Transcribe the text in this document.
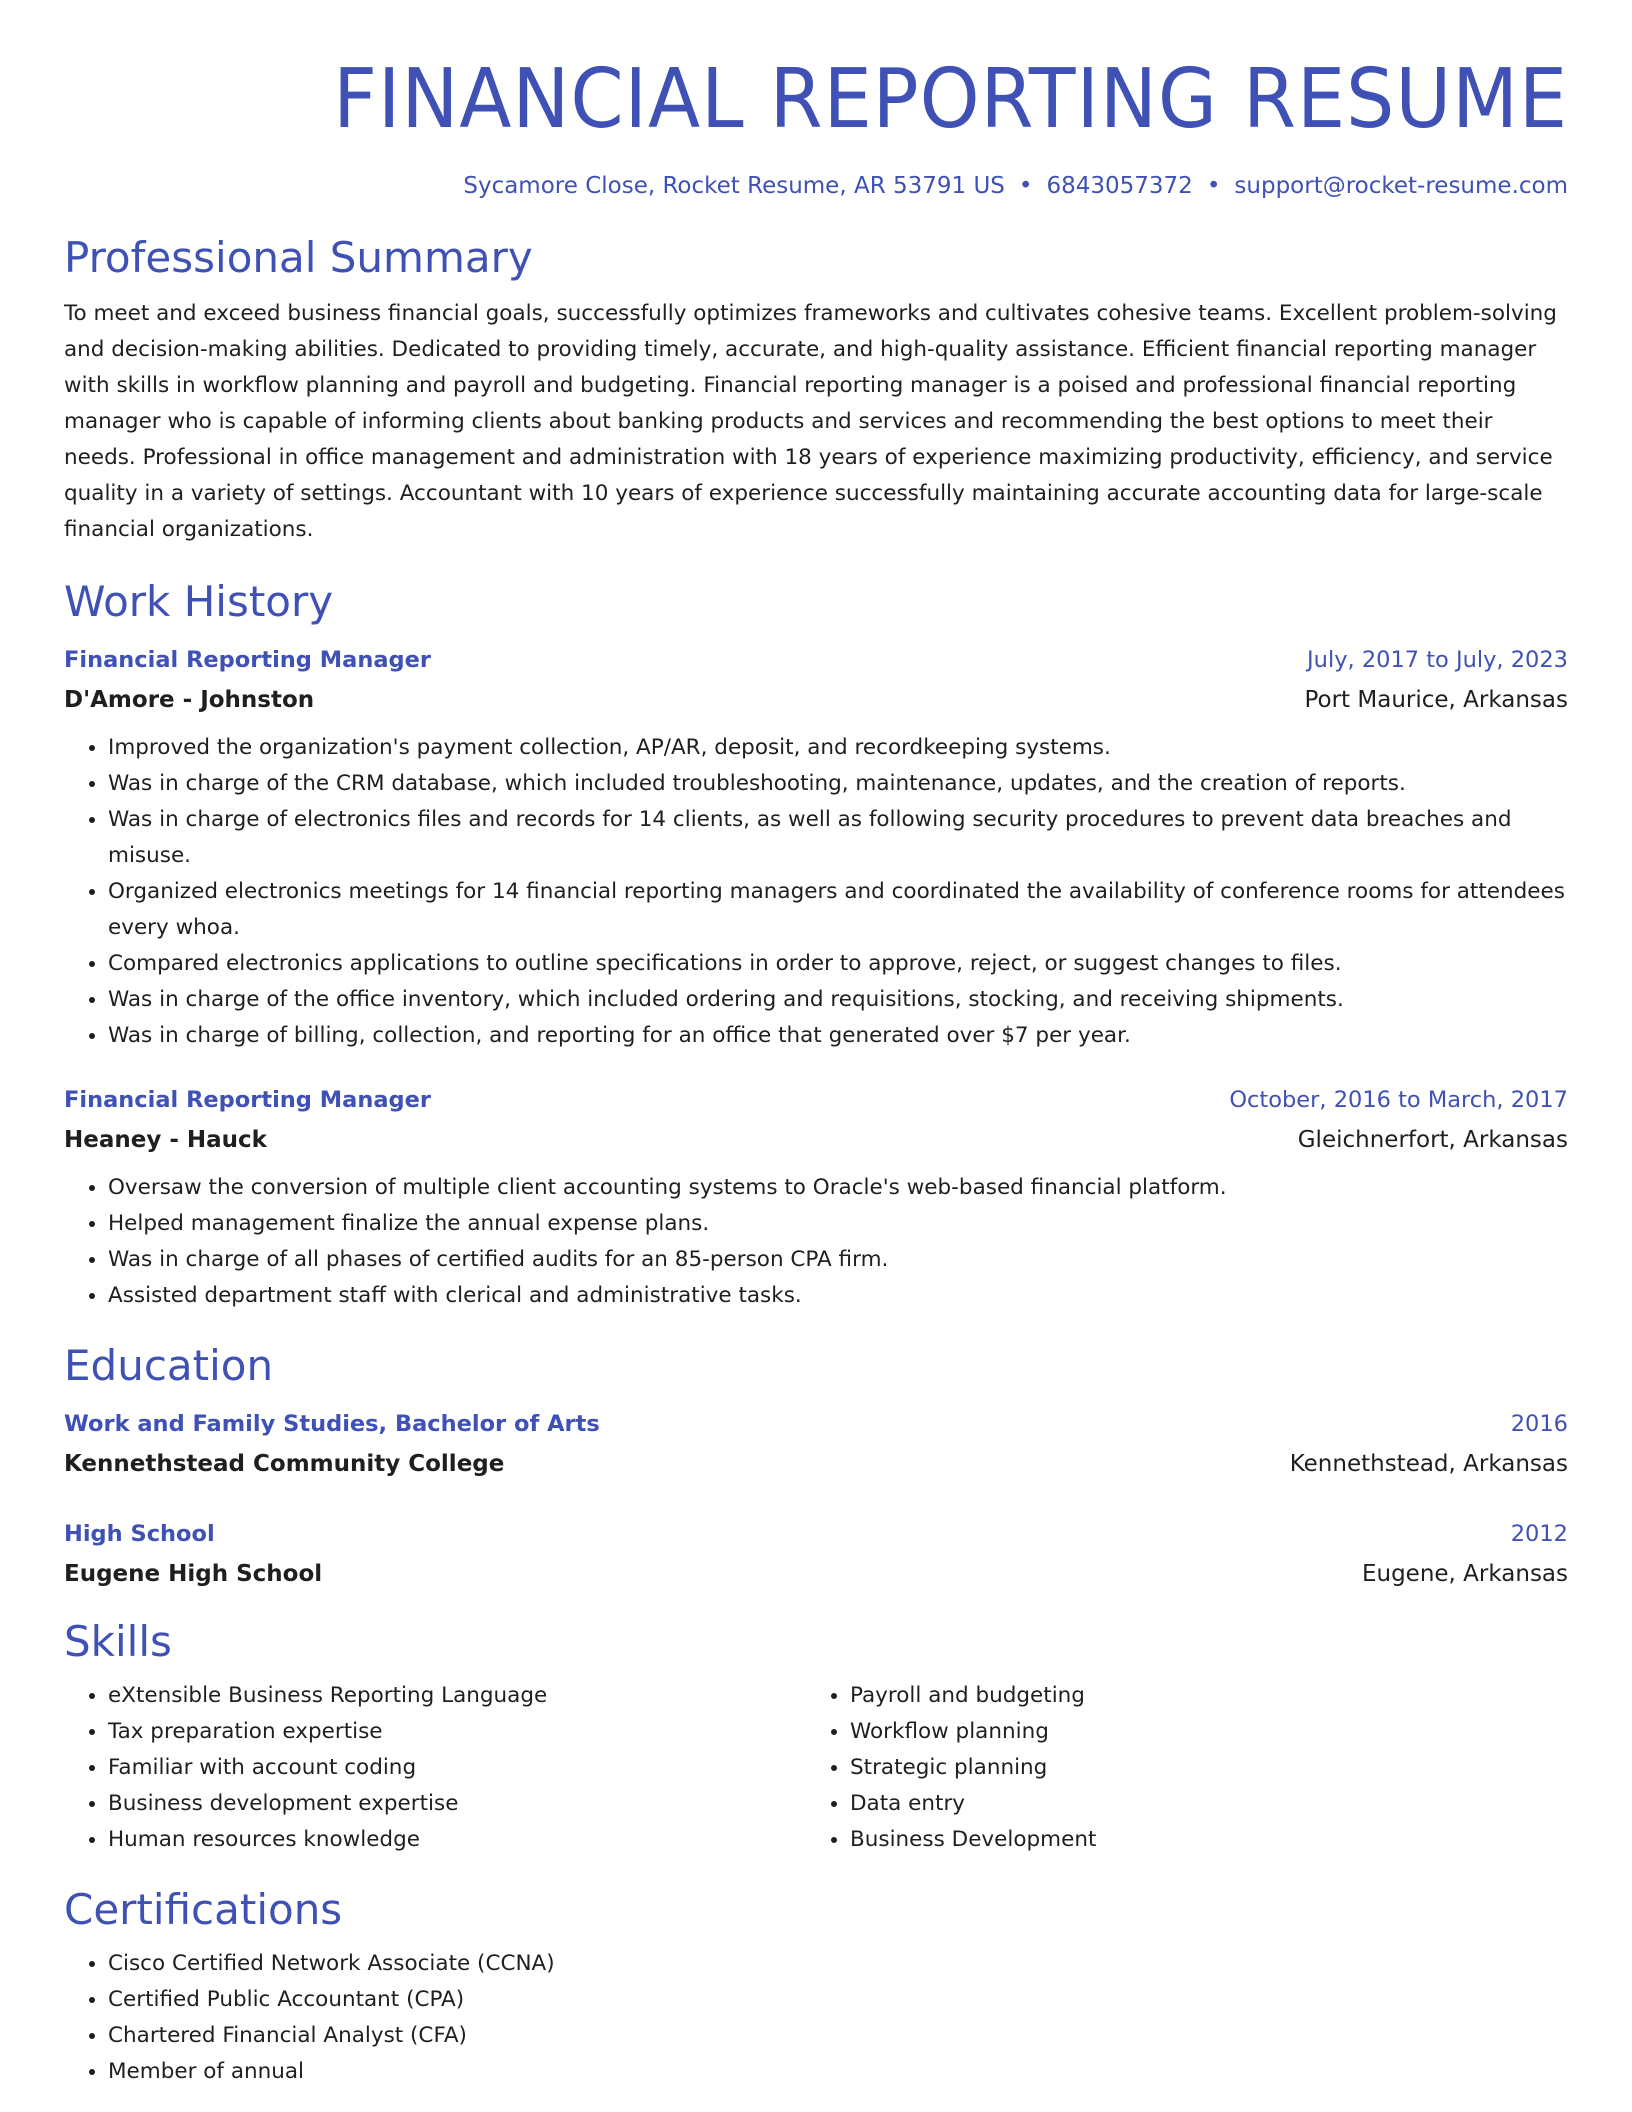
FINANCIAL REPORTING RESUME
Sycamore Close, Rocket Resume, AR 53791 US • 6843057372 • support@rocket-resume.com
Professional Summary
To meet and exceed business financial goals, successfully optimizes frameworks and cultivates cohesive teams. Excellent problem-solving and decision-making abilities. Dedicated to providing timely, accurate, and high-quality assistance. Efficient financial reporting manager with skills in workflow planning and payroll and budgeting. Financial reporting manager is a poised and professional financial reporting manager who is capable of informing clients about banking products and services and recommending the best options to meet their needs. Professional in office management and administration with 18 years of experience maximizing productivity, efficiency, and service quality in a variety of settings. Accountant with 10 years of experience successfully maintaining accurate accounting data for large-scale financial organizations.
Work History
Financial Reporting Manager	July, 2017 to July, 2023
D'Amore - Johnston	Port Maurice, Arkansas
• Improved the organization's payment collection, AP/AR, deposit, and recordkeeping systems.
• Was in charge of the CRM database, which included troubleshooting, maintenance, updates, and the creation of reports.
• Was in charge of electronics files and records for 14 clients, as well as following security procedures to prevent data breaches and misuse.
• Organized electronics meetings for 14 financial reporting managers and coordinated the availability of conference rooms for attendees every whoa.
• Compared electronics applications to outline specifications in order to approve, reject, or suggest changes to files.
• Was in charge of the office inventory, which included ordering and requisitions, stocking, and receiving shipments.
• Was in charge of billing, collection, and reporting for an office that generated over $7 per year.
Financial Reporting Manager	October, 2016 to March, 2017
Heaney - Hauck	Gleichnerfort, Arkansas
• Oversaw the conversion of multiple client accounting systems to Oracle's web-based financial platform.
• Helped management finalize the annual expense plans.
• Was in charge of all phases of certified audits for an 85-person CPA firm.
• Assisted department staff with clerical and administrative tasks.
Education
Work and Family Studies, Bachelor of Arts	2016
Kennethstead Community College	Kennethstead, Arkansas
High School	2012
Eugene High School	Eugene, Arkansas
Skills
• eXtensible Business Reporting Language
• Tax preparation expertise
• Familiar with account coding
• Business development expertise
• Human resources knowledge
• Payroll and budgeting
• Workflow planning
• Strategic planning
• Data entry
• Business Development
Certifications
• Cisco Certified Network Associate (CCNA)
• Certified Public Accountant (CPA)
• Chartered Financial Analyst (CFA)
• Member of annual
